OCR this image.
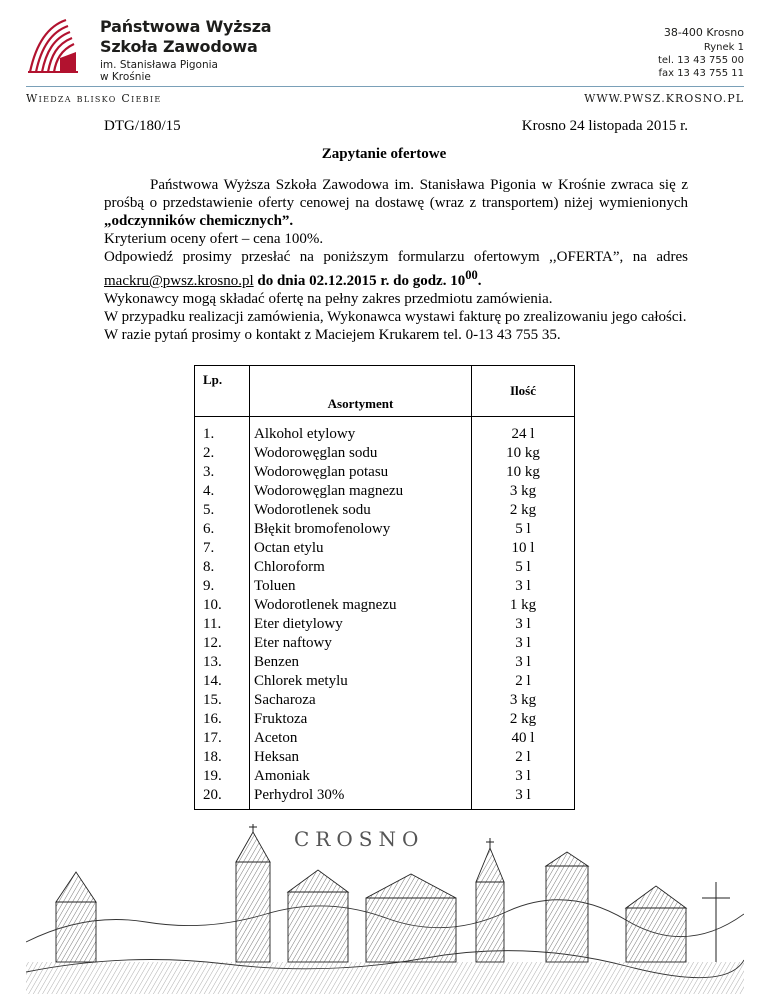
Państwowa Wyższa
Szkoła Zawodowa
im. Stanisława Pigonia
w Krośnie
38-400 Krosno
Rynek 1
tel. 13 43 755 00
fax 13 43 755 11
Wiedza blisko Ciebie	WWW.PWSZ.KROSNO.PL
DTG/180/15	Krosno 24 listopada 2015 r.
Zapytanie ofertowe

Państwowa Wyższa Szkoła Zawodowa im. Stanisława Pigonia w Krośnie zwraca się z prośbą o przedstawienie oferty cenowej na dostawę (wraz z transportem) niżej wymienionych „odczynników chemicznych”.

Kryterium oceny ofert – cena 100%.

Odpowiedź prosimy przesłać na poniższym formularzu ofertowym ,,OFERTA”, na adres mackru@pwsz.krosno.pl do dnia 02.12.2015 r. do godz. $10^{00}$.

Wykonawcy mogą składać ofertę na pełny zakres przedmiotu zamówienia.

W przypadku realizacji zamówienia, Wykonawca wystawi fakturę po zrealizowaniu jego całości.

W razie pytań prosimy o kontakt z Maciejem Krukarem tel. 0-13 43 755 35.

Lp.	Asortyment	Ilość
1.	Alkohol etylowy	24 l
2.	Wodorowęglan sodu	10 kg
3.	Wodorowęglan potasu	10 kg
4.	Wodorowęglan magnezu	3 kg
5.	Wodorotlenek sodu	2 kg
6.	Błękit bromofenolowy	5 l
7.	Octan etylu	10 l
8.	Chloroform	5 l
9.	Toluen	3 l
10.	Wodorotlenek magnezu	1 kg
11.	Eter dietylowy	3 l
12.	Eter naftowy	3 l
13.	Benzen	3 l
14.	Chlorek metylu	2 l
15.	Sacharoza	3 kg
16.	Fruktoza	2 kg
17.	Aceton	40 l
18.	Heksan	2 l
19.	Amoniak	3 l
20.	Perhydrol 30%	3 l
CROSNO
